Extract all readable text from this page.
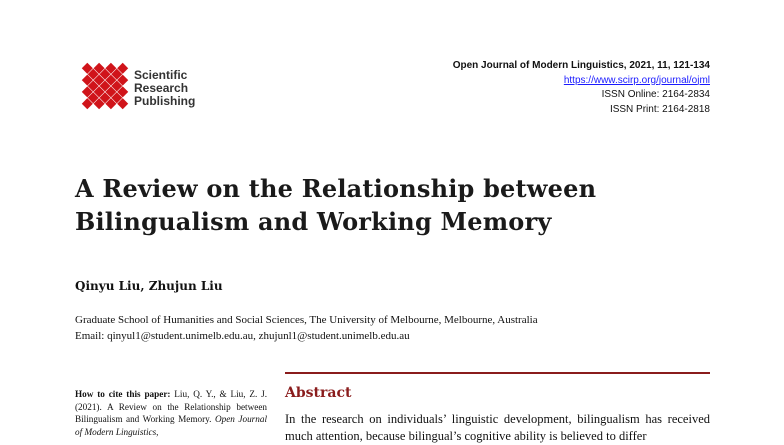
Scientific
Research
Publishing
Open Journal of Modern Linguistics, 2021, 11, 121-134
https://www.scirp.org/journal/ojml
ISSN Online: 2164-2834
ISSN Print: 2164-2818
A Review on the Relationship between
Bilingualism and Working Memory
Qinyu Liu, Zhujun Liu
Graduate School of Humanities and Social Sciences, The University of Melbourne, Melbourne, Australia
Email: qinyul1@student.unimelb.edu.au, zhujunl1@student.unimelb.edu.au
How to cite this paper: Liu, Q. Y., & Liu, Z. J. (2021). A Review on the Relationship between Bilingualism and Working Memory. Open Journal of Modern Linguistics,
Abstract
In the research on individuals’ linguistic development, bilingualism has received much attention, because bilingual’s cognitive ability is believed to differ
